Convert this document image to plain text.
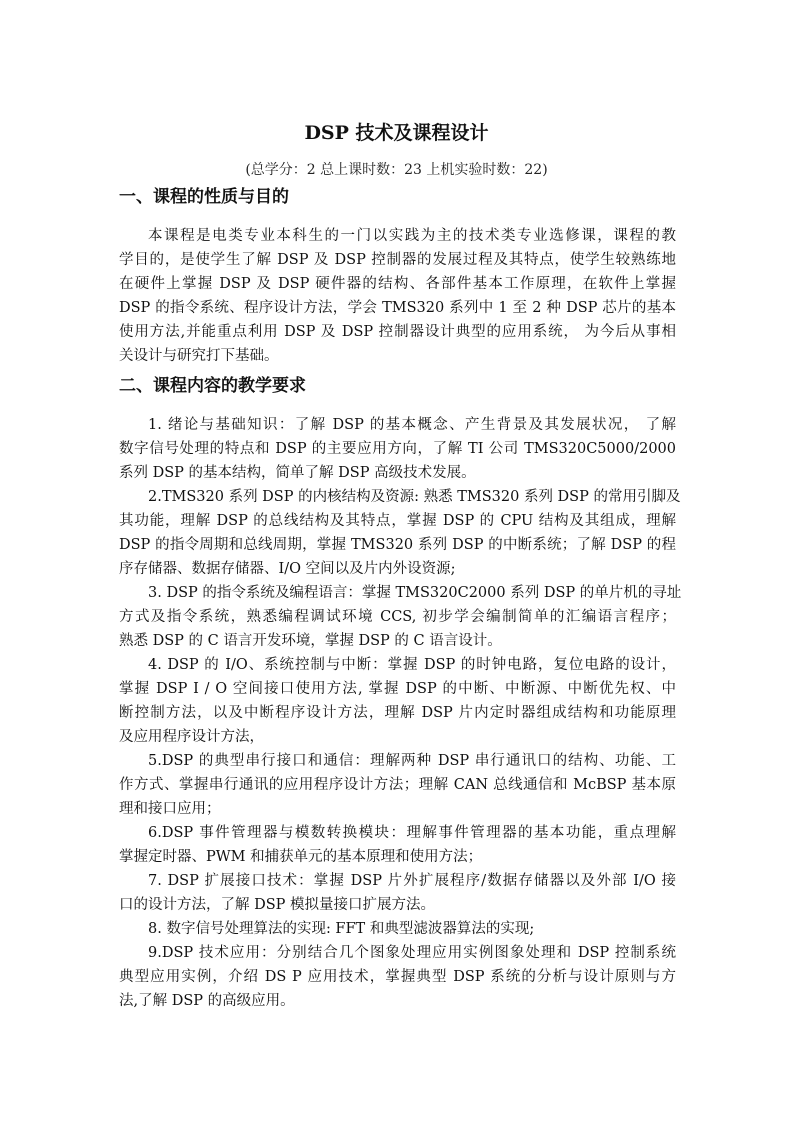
DSP 技术及课程设计
(总学分：2 总上课时数：23 上机实验时数：22)
一、课程的性质与目的
本课程是电类专业本科生的一门以实践为主的技术类专业选修课，课程的教
学目的，是使学生了解 DSP 及 DSP 控制器的发展过程及其特点，使学生较熟练地
在硬件上掌握 DSP 及 DSP 硬件器的结构、各部件基本工作原理，在软件上掌握
DSP 的指令系统、程序设计方法，学会 TMS320 系列中 1 至 2 种 DSP 芯片的基本
使用方法,并能重点利用 DSP 及 DSP 控制器设计典型的应用系统， 为今后从事相
关设计与研究打下基础。
二、课程内容的教学要求
1. 绪论与基础知识：了解 DSP 的基本概念、产生背景及其发展状况， 了解
数字信号处理的特点和 DSP 的主要应用方向，了解 TI 公司 TMS320C5000/2000
系列 DSP 的基本结构，简单了解 DSP 高级技术发展。
2.TMS320 系列 DSP 的内核结构及资源: 熟悉 TMS320 系列 DSP 的常用引脚及
其功能，理解 DSP 的总线结构及其特点，掌握 DSP 的 CPU 结构及其组成，理解
DSP 的指令周期和总线周期，掌握 TMS320 系列 DSP 的中断系统；了解 DSP 的程
序存储器、数据存储器、I/O 空间以及片内外设资源;
3. DSP 的指令系统及编程语言：掌握 TMS320C2000 系列 DSP 的单片机的寻址
方式及指令系统，熟悉编程调试环境 CCS, 初步学会编制简单的汇编语言程序；
熟悉 DSP 的 C 语言开发环境，掌握 DSP 的 C 语言设计。
4. DSP 的 I/O、系统控制与中断：掌握 DSP 的时钟电路，复位电路的设计，
掌握 DSP I / O 空间接口使用方法, 掌握 DSP 的中断、中断源、中断优先权、中
断控制方法，以及中断程序设计方法，理解 DSP 片内定时器组成结构和功能原理
及应用程序设计方法，
5.DSP 的典型串行接口和通信：理解两种 DSP 串行通讯口的结构、功能、工
作方式、掌握串行通讯的应用程序设计方法；理解 CAN 总线通信和 McBSP 基本原
理和接口应用；
6.DSP 事件管理器与模数转换模块：理解事件管理器的基本功能，重点理解
掌握定时器、PWM 和捕获单元的基本原理和使用方法；
7. DSP 扩展接口技术：掌握 DSP 片外扩展程序/数据存储器以及外部 I/O 接
口的设计方法，了解 DSP 模拟量接口扩展方法。
8. 数字信号处理算法的实现: FFT 和典型滤波器算法的实现;
9.DSP 技术应用：分别结合几个图象处理应用实例图象处理和 DSP 控制系统
典型应用实例，介绍 DS P 应用技术，掌握典型 DSP 系统的分析与设计原则与方
法,了解 DSP 的高级应用。
